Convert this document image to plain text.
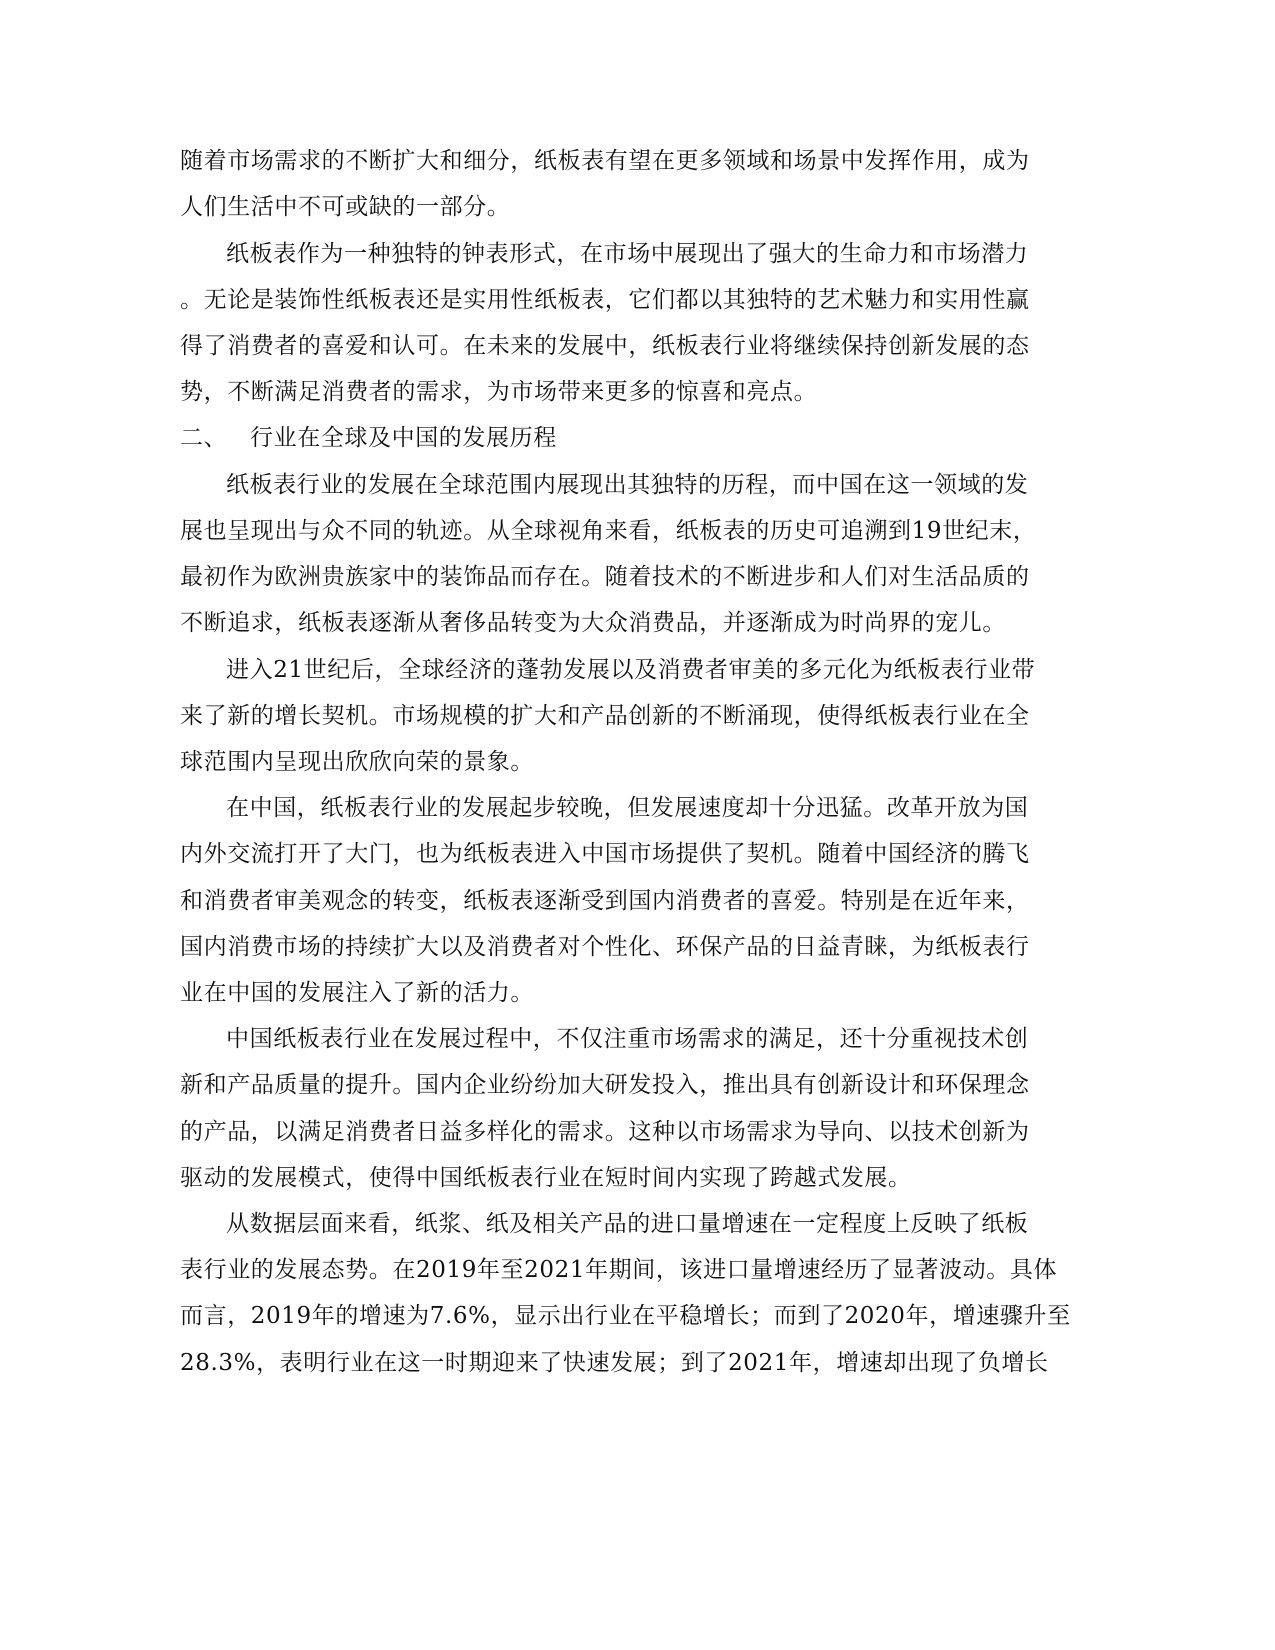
随着市场需求的不断扩大和细分，纸板表有望在更多领域和场景中发挥作用，成为
人们生活中不可或缺的一部分。
纸板表作为一种独特的钟表形式，在市场中展现出了强大的生命力和市场潜力
。无论是装饰性纸板表还是实用性纸板表，它们都以其独特的艺术魅力和实用性赢
得了消费者的喜爱和认可。在未来的发展中，纸板表行业将继续保持创新发展的态
势，不断满足消费者的需求，为市场带来更多的惊喜和亮点。
二、 行业在全球及中国的发展历程
纸板表行业的发展在全球范围内展现出其独特的历程，而中国在这一领域的发
展也呈现出与众不同的轨迹。从全球视角来看，纸板表的历史可追溯到19世纪末，
最初作为欧洲贵族家中的装饰品而存在。随着技术的不断进步和人们对生活品质的
不断追求，纸板表逐渐从奢侈品转变为大众消费品，并逐渐成为时尚界的宠儿。
进入21世纪后，全球经济的蓬勃发展以及消费者审美的多元化为纸板表行业带
来了新的增长契机。市场规模的扩大和产品创新的不断涌现，使得纸板表行业在全
球范围内呈现出欣欣向荣的景象。
在中国，纸板表行业的发展起步较晚，但发展速度却十分迅猛。改革开放为国
内外交流打开了大门，也为纸板表进入中国市场提供了契机。随着中国经济的腾飞
和消费者审美观念的转变，纸板表逐渐受到国内消费者的喜爱。特别是在近年来，
国内消费市场的持续扩大以及消费者对个性化、环保产品的日益青睐，为纸板表行
业在中国的发展注入了新的活力。
中国纸板表行业在发展过程中，不仅注重市场需求的满足，还十分重视技术创
新和产品质量的提升。国内企业纷纷加大研发投入，推出具有创新设计和环保理念
的产品，以满足消费者日益多样化的需求。这种以市场需求为导向、以技术创新为
驱动的发展模式，使得中国纸板表行业在短时间内实现了跨越式发展。
从数据层面来看，纸浆、纸及相关产品的进口量增速在一定程度上反映了纸板
表行业的发展态势。在2019年至2021年期间，该进口量增速经历了显著波动。具体
而言，2019年的增速为7.6%，显示出行业在平稳增长；而到了2020年，增速骤升至
28.3%，表明行业在这一时期迎来了快速发展；到了2021年，增速却出现了负增长
